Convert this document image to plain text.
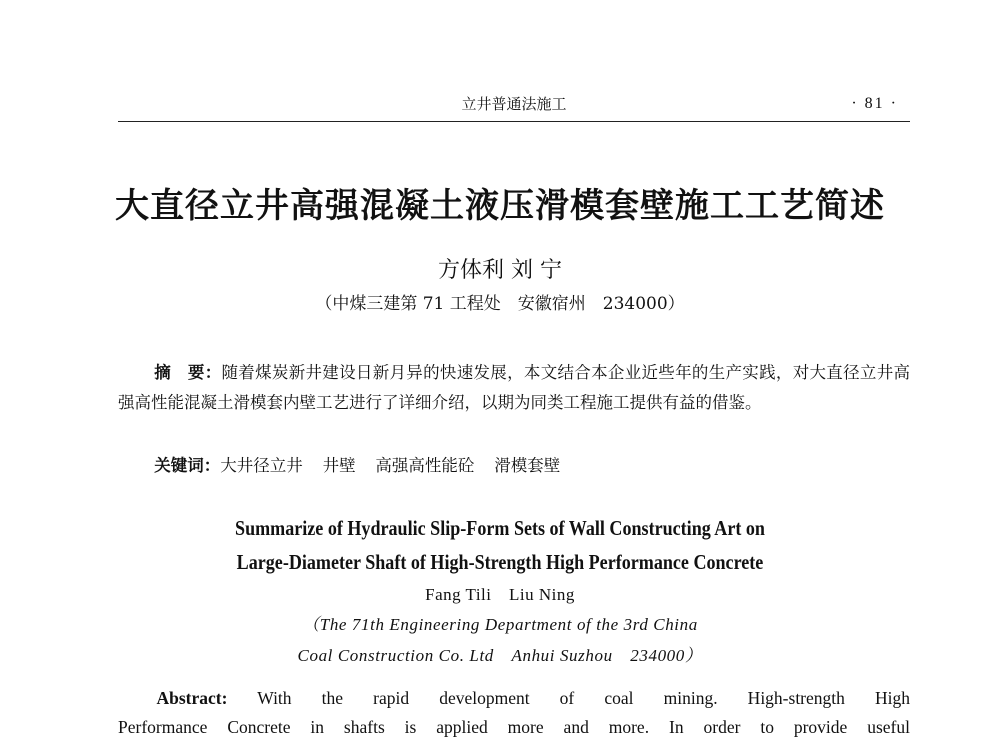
立井普通法施工	· 81 ·
大直径立井高强混凝土液压滑模套壁施工工艺简述
方体利 刘 宁
（中煤三建第 71 工程处　安徽宿州　234000）

摘　要：随着煤炭新井建设日新月异的快速发展，本文结合本企业近些年的生产实践，对大直径立井高强高性能混凝土滑模套内壁工艺进行了详细介绍，以期为同类工程施工提供有益的借鉴。

关键词：大井径立井 井壁 高强高性能砼 滑模套壁

Summarize of Hydraulic Slip-Form Sets of Wall Constructing Art on
Large-Diameter Shaft of High-Strength High Performance Concrete
Fang Tili　Liu Ning
（The 71th Engineering Department of the 3rd China
Coal Construction Co. Ltd　Anhui Suzhou　234000）
Abstract: With the rapid development of coal mining. High-strength High
Performance Concrete in shafts is applied more and more. In order to provide useful
